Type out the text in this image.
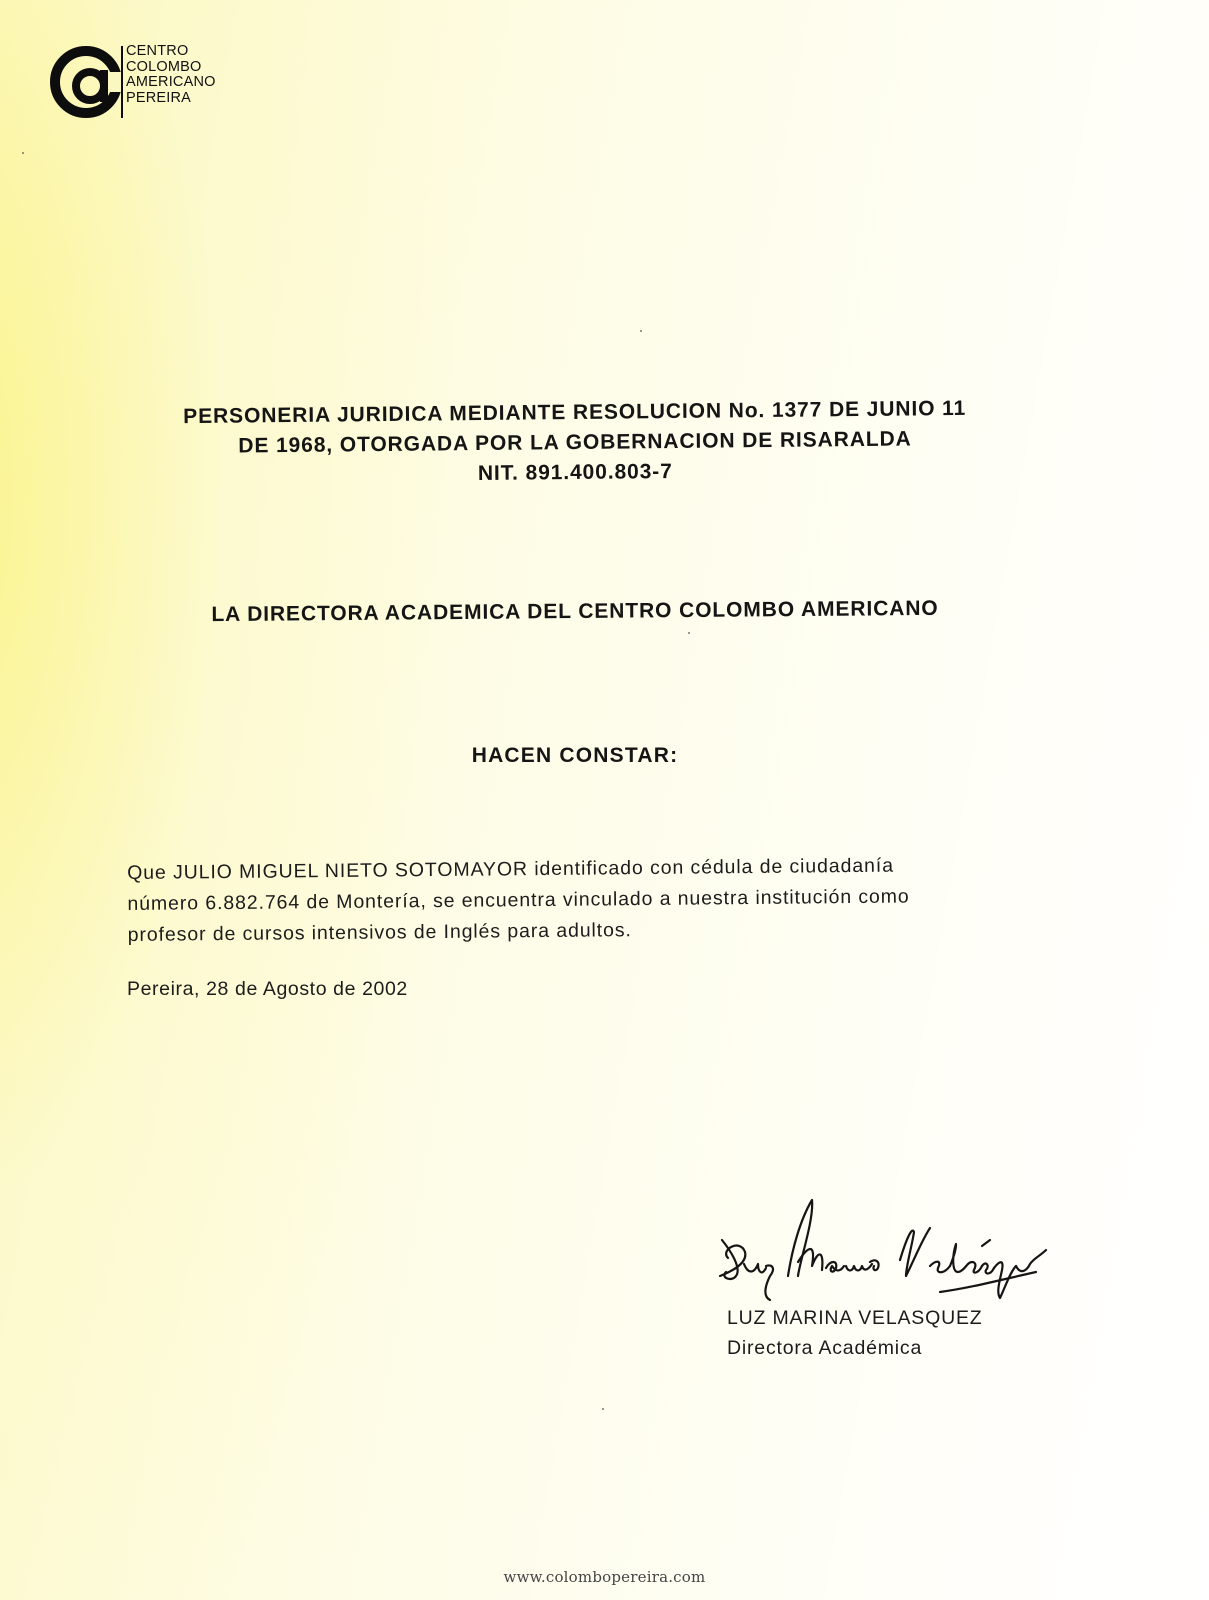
CENTRO
COLOMBO
AMERICANO
PEREIRA
PERSONERIA JURIDICA MEDIANTE RESOLUCION No. 1377 DE JUNIO 11
DE 1968, OTORGADA POR LA GOBERNACION DE RISARALDA
NIT. 891.400.803-7
LA DIRECTORA ACADEMICA DEL CENTRO COLOMBO AMERICANO
HACEN CONSTAR:
Que JULIO MIGUEL NIETO SOTOMAYOR identificado con cédula de ciudadanía
número 6.882.764 de Montería, se encuentra vinculado a nuestra institución como
profesor de cursos intensivos de Inglés para adultos.
Pereira, 28 de Agosto de 2002
LUZ MARINA VELASQUEZ
Directora Académica
www.colombopereira.com
